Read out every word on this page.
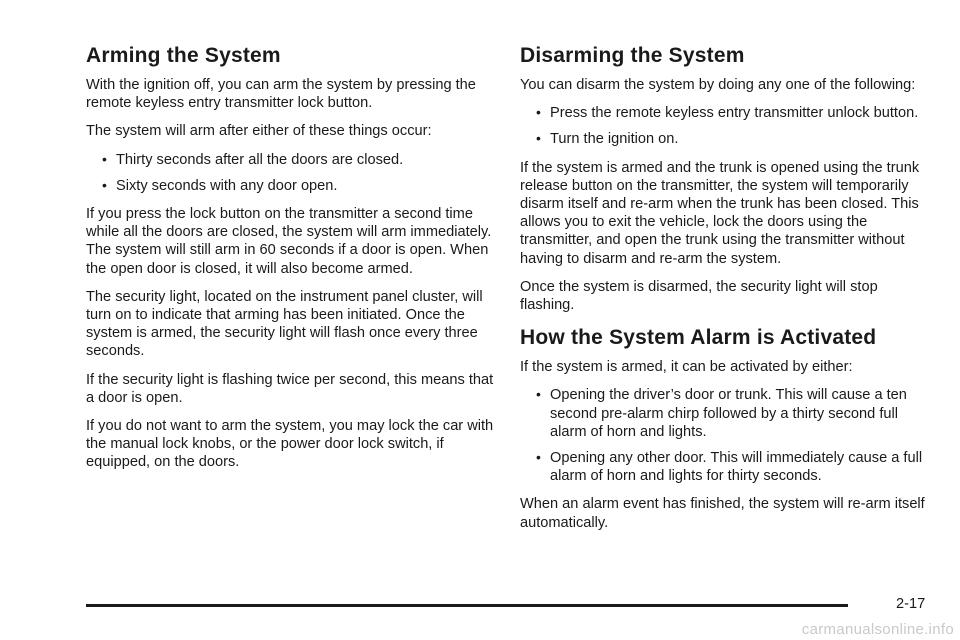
Arming the System

With the ignition off, you can arm the system by pressing the remote keyless entry transmitter lock button.

The system will arm after either of these things occur:

• Thirty seconds after all the doors are closed.
• Sixty seconds with any door open.

If you press the lock button on the transmitter a second time while all the doors are closed, the system will arm immediately. The system will still arm in 60 seconds if a door is open. When the open door is closed, it will also become armed.

The security light, located on the instrument panel cluster, will turn on to indicate that arming has been initiated. Once the system is armed, the security light will flash once every three seconds.

If the security light is flashing twice per second, this means that a door is open.

If you do not want to arm the system, you may lock the car with the manual lock knobs, or the power door lock switch, if equipped, on the doors.

Disarming the System

You can disarm the system by doing any one of the following:

• Press the remote keyless entry transmitter unlock button.
• Turn the ignition on.

If the system is armed and the trunk is opened using the trunk release button on the transmitter, the system will temporarily disarm itself and re-arm when the trunk has been closed. This allows you to exit the vehicle, lock the doors using the transmitter, and open the trunk using the transmitter without having to disarm and re-arm the system.

Once the system is disarmed, the security light will stop flashing.

How the System Alarm is Activated

If the system is armed, it can be activated by either:

• Opening the driver’s door or trunk. This will cause a ten second pre-alarm chirp followed by a thirty second full alarm of horn and lights.
• Opening any other door. This will immediately cause a full alarm of horn and lights for thirty seconds.

When an alarm event has finished, the system will re-arm itself automatically.

2-17
carmanualsonline.info
